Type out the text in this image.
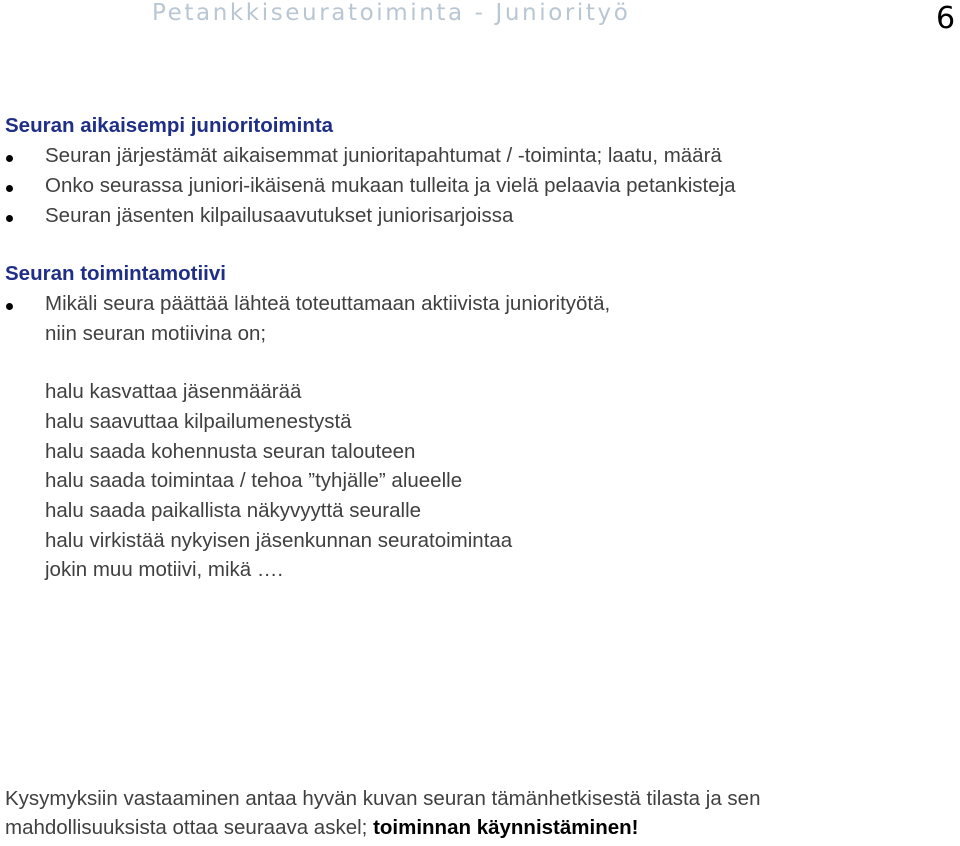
Petankkiseuratoiminta - Juniorityö	6
Seuran aikaisempi junioritoiminta
Seuran järjestämät aikaisemmat junioritapahtumat / -toiminta; laatu, määrä
Onko seurassa juniori-ikäisenä mukaan tulleita ja vielä pelaavia petankisteja
Seuran jäsenten kilpailusaavutukset juniorisarjoissa
Seuran toimintamotiivi
Mikäli seura päättää lähteä toteuttamaan aktiivista juniorityötä,
niin seuran motiivina on;
halu kasvattaa jäsenmäärää
halu saavuttaa kilpailumenestystä
halu saada kohennusta seuran talouteen
halu saada toimintaa / tehoa ”tyhjälle” alueelle
halu saada paikallista näkyvyyttä seuralle
halu virkistää nykyisen jäsenkunnan seuratoimintaa
jokin muu motiivi, mikä ….
Kysymyksiin vastaaminen antaa hyvän kuvan seuran tämänhetkisestä tilasta ja sen
mahdollisuuksista ottaa seuraava askel; toiminnan käynnistäminen!
